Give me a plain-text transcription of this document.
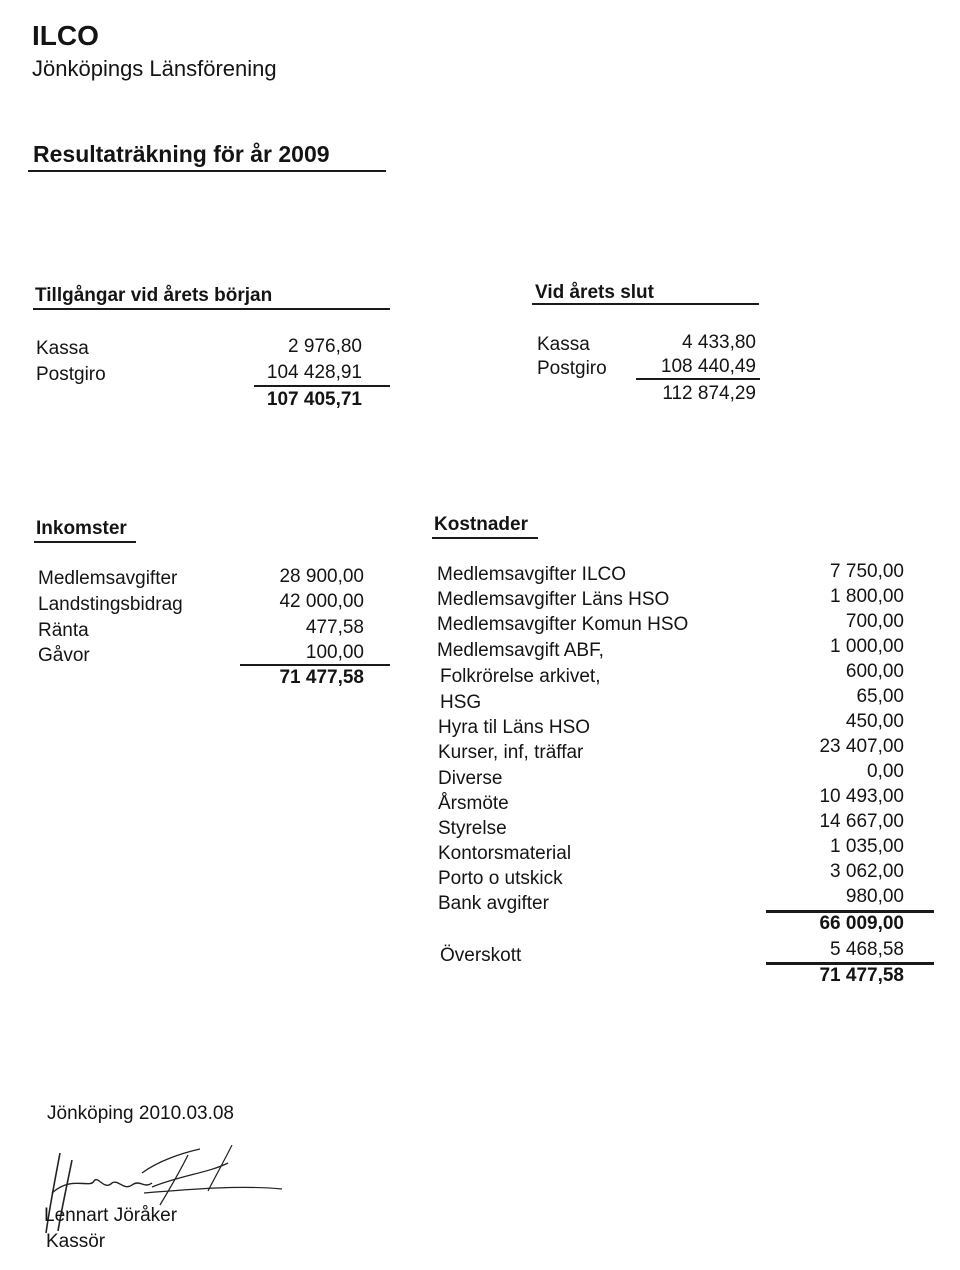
ILCO
Jönköpings Länsförening
Resultaträkning för år 2009
Tillgångar vid årets början
Kassa	2 976,80
Postgiro	104 428,91
107 405,71
Vid årets slut
Kassa	4 433,80
Postgiro	108 440,49
112 874,29
Inkomster
Medlemsavgifter	28 900,00
Landstingsbidrag	42 000,00
Ränta	477,58
Gåvor	100,00
71 477,58
Kostnader
Medlemsavgifter ILCO	7 750,00
Medlemsavgifter Läns HSO	1 800,00
Medlemsavgifter Komun HSO	700,00
Medlemsavgift ABF,	1 000,00
Folkrörelse arkivet,	600,00
HSG	65,00
Hyra til Läns HSO	450,00
Kurser, inf, träffar	23 407,00
Diverse	0,00
Årsmöte	10 493,00
Styrelse	14 667,00
Kontorsmaterial	1 035,00
Porto o utskick	3 062,00
Bank avgifter	980,00
66 009,00
Överskott	5 468,58
71 477,58
Jönköping 2010.03.08
Lennart Jöråker
Kassör
